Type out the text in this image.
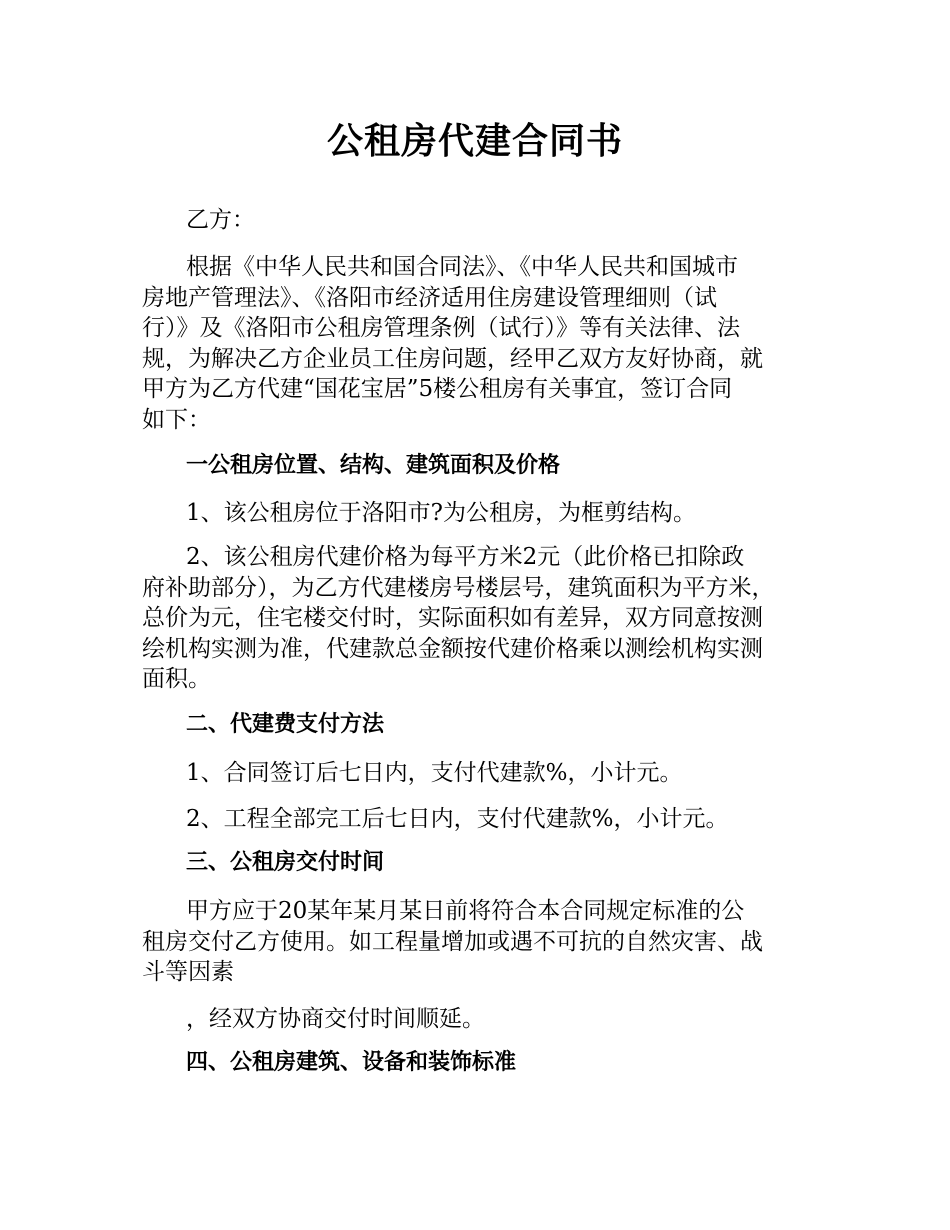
公租房代建合同书
乙方：
根据《中华人民共和国合同法》、《中华人民共和国城市
房地产管理法》、《洛阳市经济适用住房建设管理细则（试
行）》及《洛阳市公租房管理条例（试行）》等有关法律、法
规，为解决乙方企业员工住房问题，经甲乙双方友好协商，就
甲方为乙方代建“国花宝居”5楼公租房有关事宜，签订合同
如下：
一公租房位置、结构、建筑面积及价格
1、该公租房位于洛阳市?为公租房，为框剪结构。
2、该公租房代建价格为每平方米2元（此价格已扣除政
府补助部分），为乙方代建楼房号楼层号，建筑面积为平方米，
总价为元，住宅楼交付时，实际面积如有差异，双方同意按测
绘机构实测为准，代建款总金额按代建价格乘以测绘机构实测
面积。
二、代建费支付方法
1、合同签订后七日内，支付代建款%，小计元。
2、工程全部完工后七日内，支付代建款%，小计元。
三、公租房交付时间
甲方应于20某年某月某日前将符合本合同规定标准的公
租房交付乙方使用。如工程量增加或遇不可抗的自然灾害、战
斗等因素
，经双方协商交付时间顺延。
四、公租房建筑、设备和装饰标准
